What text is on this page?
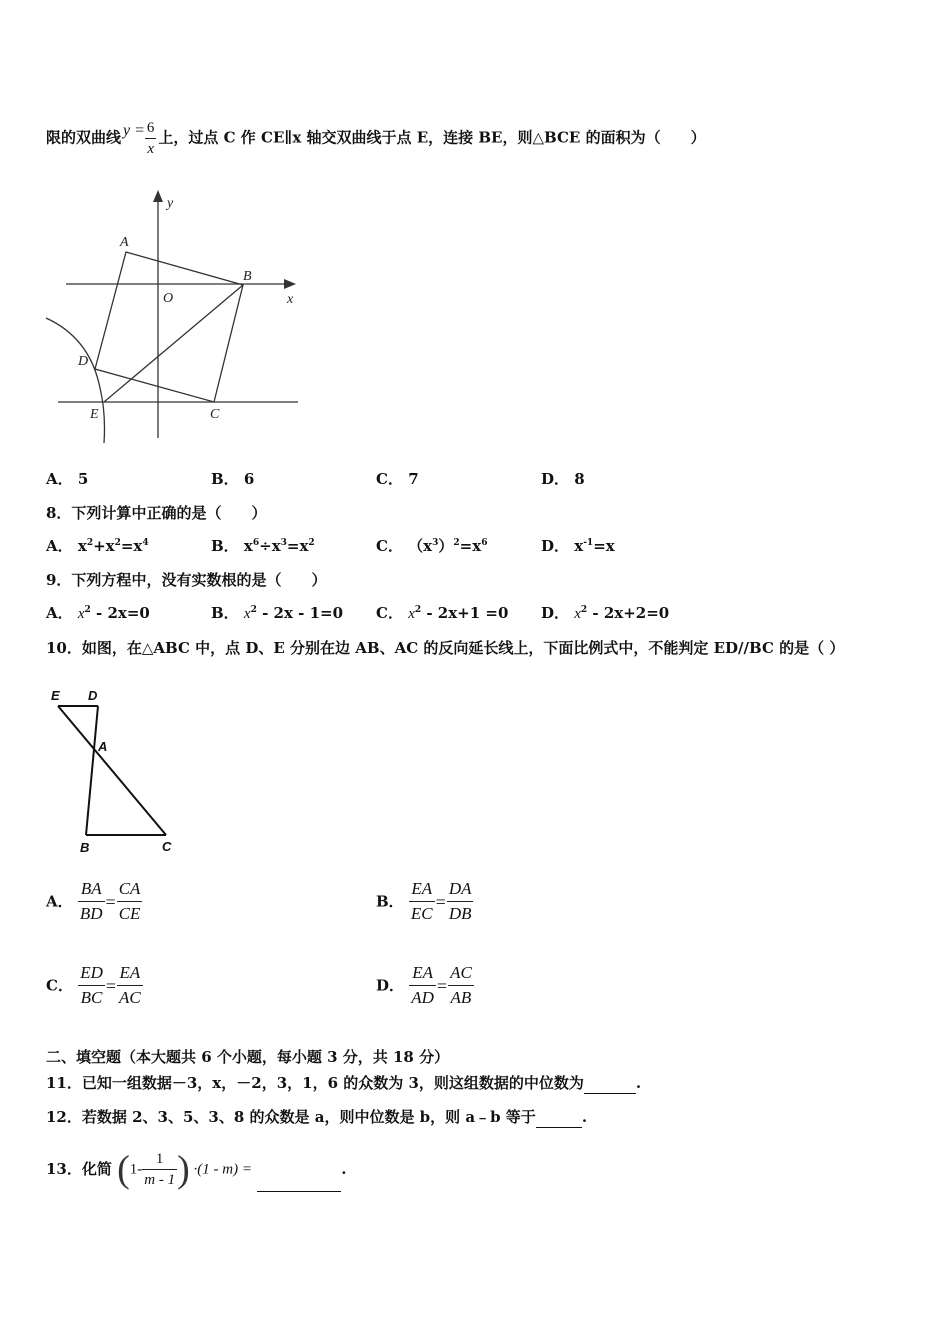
限的双曲线 $y = \frac{6}{x}$ 上，过点 C 作 CE∥x 轴交双曲线于点 E，连接 BE，则△BCE 的面积为（　　）
y
x
O
A
B
C
D
E
A． 5	B． 6	C． 7	D． 8
8．下列计算中正确的是（　　）
A． $x^2+x^2=x^4$	B． $x^6\div x^3=x^2$	C． $(x^3)^2=x^6$	D． $x^{-1}=x$
9．下列方程中，没有实数根的是（　　）
A． $x^2 - 2x=0$	B． $x^2 - 2x - 1=0$ C． $x^2 - 2x+1 =0$ D． $x^2 - 2x+2=0$
10．如图，在△ABC 中，点 D、E 分别在边 AB、AC 的反向延长线上，下面比例式中，不能判定 ED//BC 的是（ ）
E D
A
B	C
A． $\frac{BA}{BD} = \frac{CA}{CE}$	B． $\frac{EA}{EC} = \frac{DA}{DB}$
C． $\frac{ED}{BC} = \frac{EA}{AC}$	D． $\frac{EA}{AD} = \frac{AC}{AB}$
二、填空题（本大题共 6 个小题，每小题 3 分，共 18 分）
11．已知一组数据－3，x，－2，3，1，6 的众数为 3，则这组数据的中位数为	.
12．若数据 2、3、5、3、8 的众数是 a，则中位数是 b，则 a﹣b 等于	.
13．化简 ($1- \frac{1}{m - 1}$ ) ·(1 - m) =	.
